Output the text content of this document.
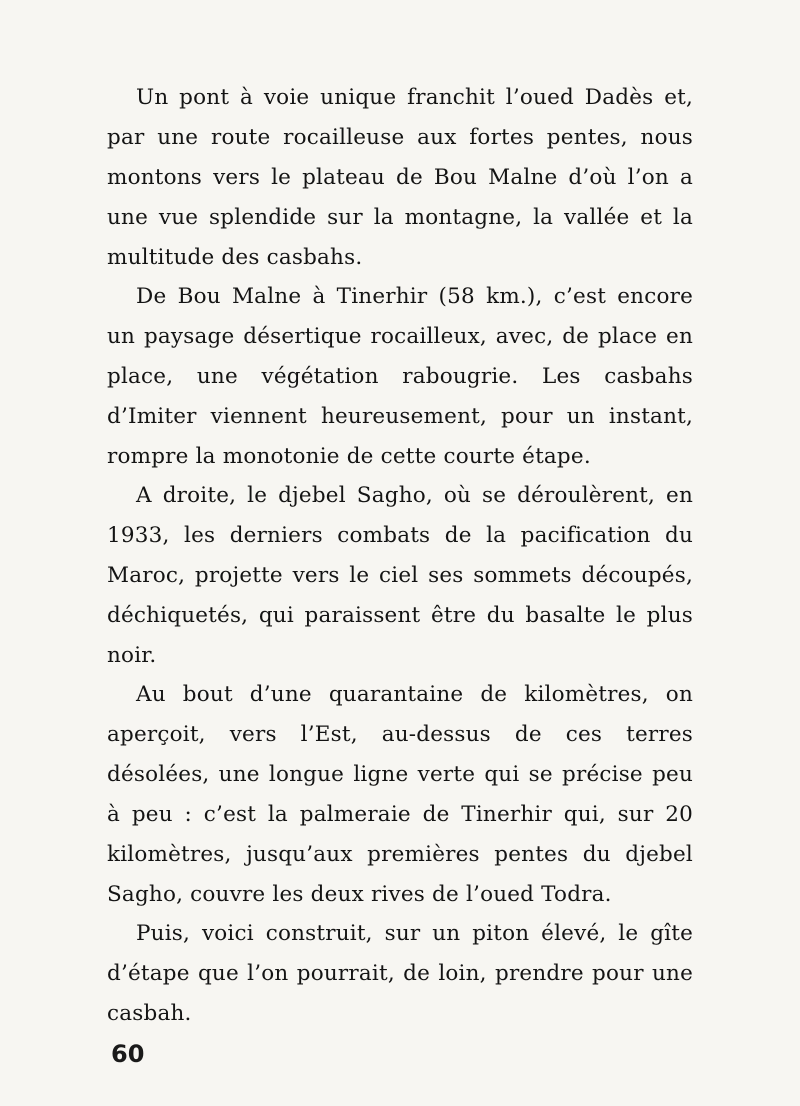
Un pont à voie unique franchit l’oued Dadès et, par une route rocailleuse aux fortes pentes, nous montons vers le plateau de Bou Malne d’où l’on a une vue splendide sur la montagne, la vallée et la multitude des casbahs.

De Bou Malne à Tinerhir (58 km.), c’est encore un paysage désertique rocailleux, avec, de place en place, une végétation rabougrie. Les casbahs d’Imiter viennent heureusement, pour un instant, rompre la monotonie de cette courte étape.

A droite, le djebel Sagho, où se déroulèrent, en 1933, les derniers combats de la pacification du Maroc, projette vers le ciel ses sommets découpés, déchiquetés, qui paraissent être du basalte le plus noir.

Au bout d’une quarantaine de kilomètres, on aperçoit, vers l’Est, au-dessus de ces terres désolées, une longue ligne verte qui se précise peu à peu : c’est la palmeraie de Tinerhir qui, sur 20 kilomètres, jusqu’aux premières pentes du djebel Sagho, couvre les deux rives de l’oued Todra.

Puis, voici construit, sur un piton élevé, le gîte d’étape que l’on pourrait, de loin, prendre pour une casbah.

60
